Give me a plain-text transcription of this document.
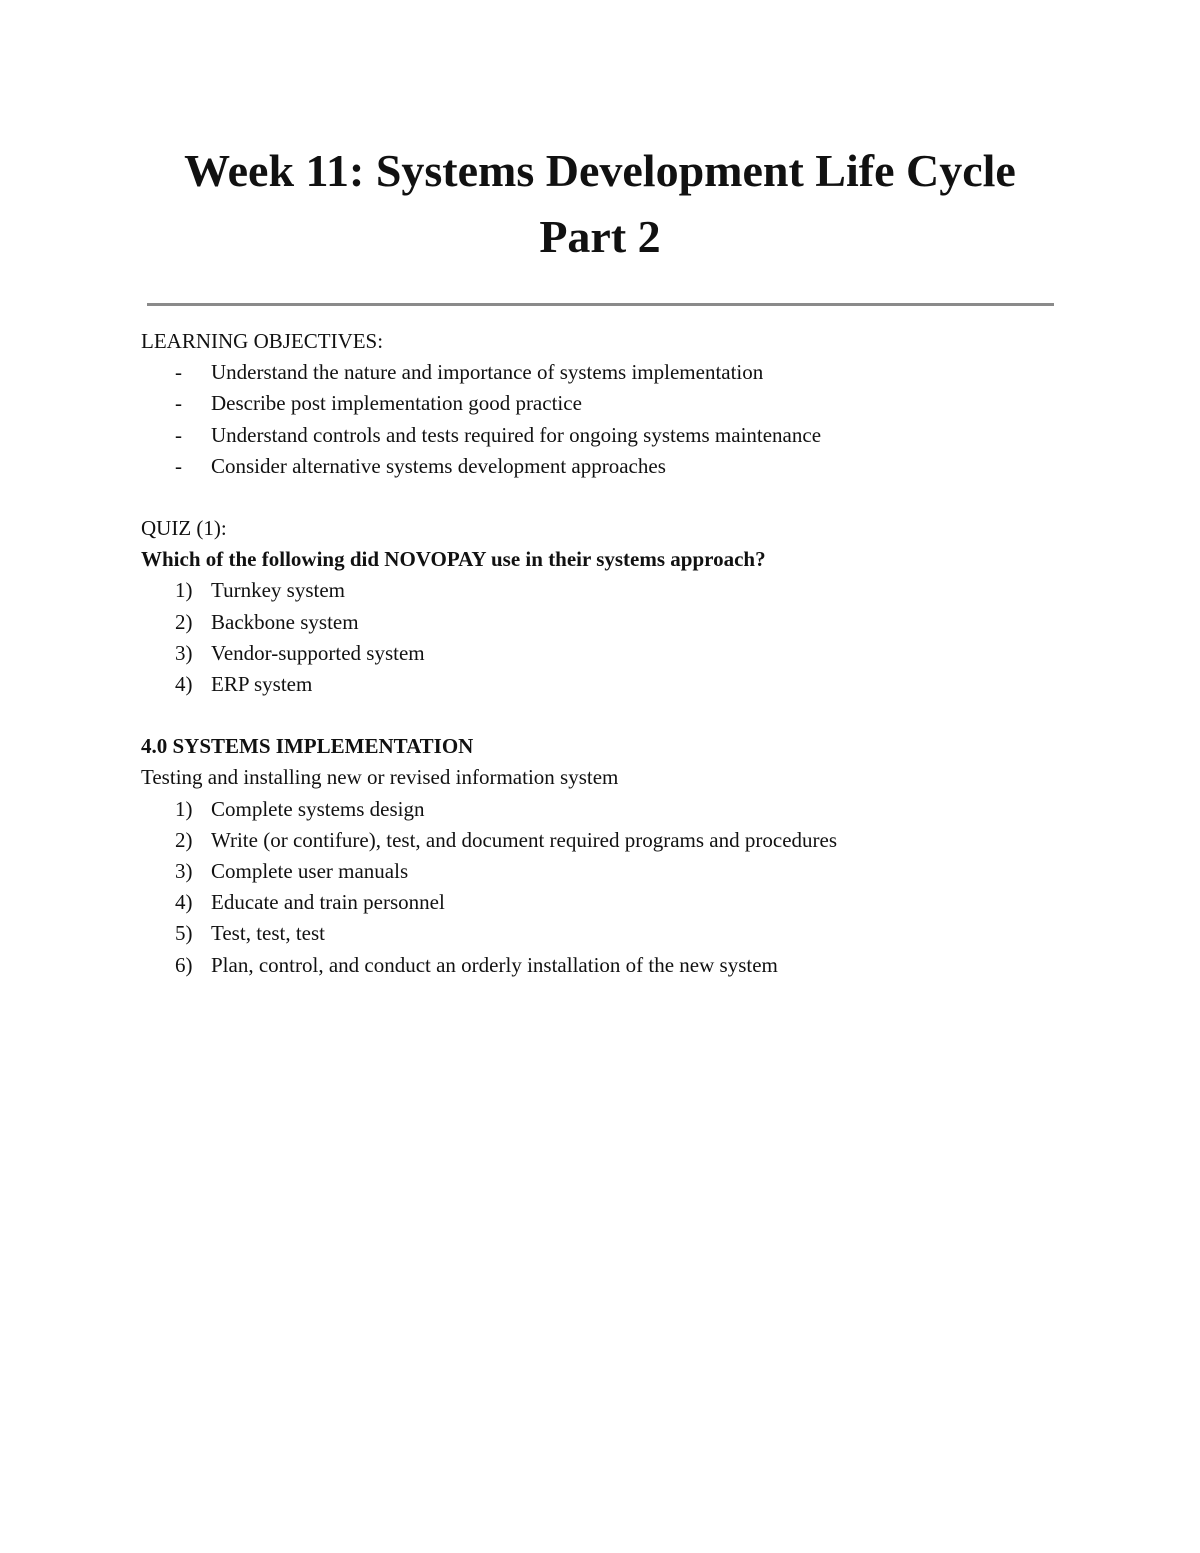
Week 11: Systems Development Life Cycle
Part 2

LEARNING OBJECTIVES:

- Understand the nature and importance of systems implementation
- Describe post implementation good practice
- Understand controls and tests required for ongoing systems maintenance
- Consider alternative systems development approaches

QUIZ (1):

Which of the following did NOVOPAY use in their systems approach?

1) Turnkey system
2) Backbone system
3) Vendor-supported system
4) ERP system

4.0 SYSTEMS IMPLEMENTATION

Testing and installing new or revised information system

1) Complete systems design
2) Write (or contifure), test, and document required programs and procedures
3) Complete user manuals
4) Educate and train personnel
5) Test, test, test
6) Plan, control, and conduct an orderly installation of the new system
